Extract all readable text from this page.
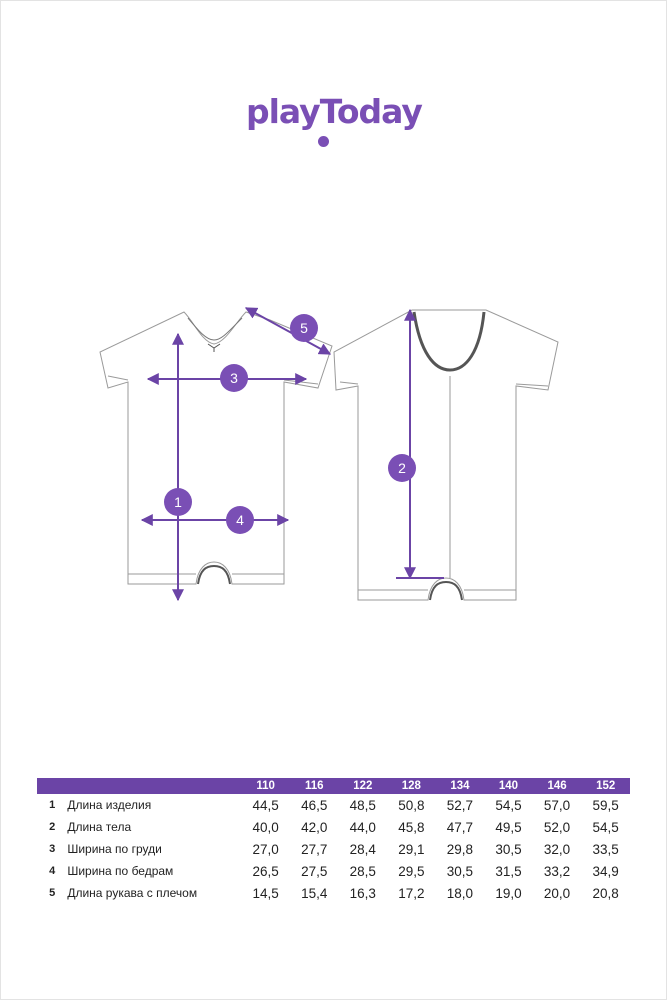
playToday
1
3
4
5
2
		110	116	122	128	134	140	146	152
1	Длина изделия	44,5	46,5	48,5	50,8	52,7	54,5	57,0	59,5
2	Длина тела	40,0	42,0	44,0	45,8	47,7	49,5	52,0	54,5
3	Ширина по груди	27,0	27,7	28,4	29,1	29,8	30,5	32,0	33,5
4	Ширина по бедрам	26,5	27,5	28,5	29,5	30,5	31,5	33,2	34,9
5	Длина рукава с плечом	14,5	15,4	16,3	17,2	18,0	19,0	20,0	20,8
